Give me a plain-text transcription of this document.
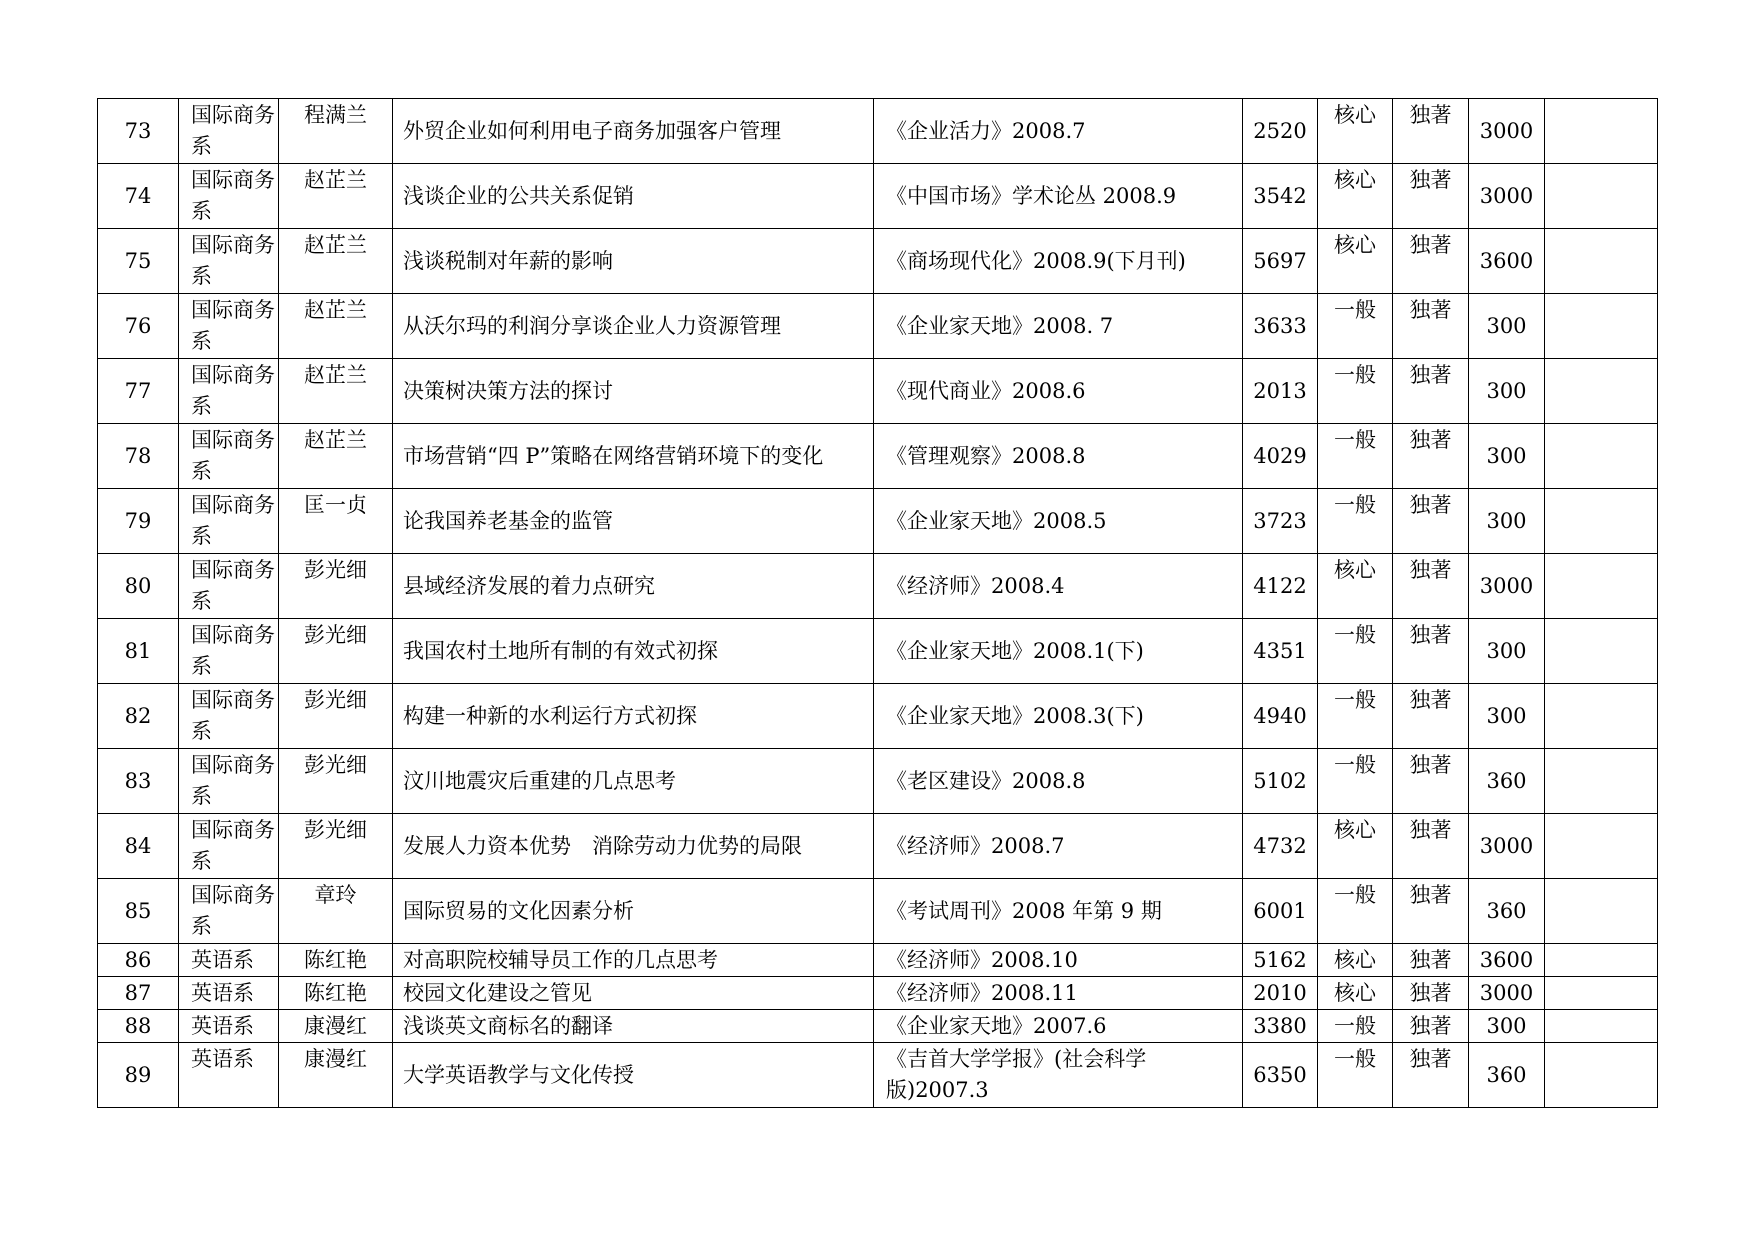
73	国际商务系	程满兰	外贸企业如何利用电子商务加强客户管理	《企业活力》2008.7	2520	核心	独著	3000	

74	国际商务系	赵芷兰	浅谈企业的公共关系促销	《中国市场》学术论丛 2008.9	3542	核心	独著	3000	

75	国际商务系	赵芷兰	浅谈税制对年薪的影响	《商场现代化》2008.9(下月刊)	5697	核心	独著	3600	

76	国际商务系	赵芷兰	从沃尔玛的利润分享谈企业人力资源管理	《企业家天地》2008. 7	3633	一般	独著	300	

77	国际商务系	赵芷兰	决策树决策方法的探讨	《现代商业》2008.6	2013	一般	独著	300	

78	国际商务系	赵芷兰	市场营销“四 P”策略在网络营销环境下的变化	《管理观察》2008.8	4029	一般	独著	300	

79	国际商务系	匡一贞	论我国养老基金的监管	《企业家天地》2008.5	3723	一般	独著	300	

80	国际商务系	彭光细	县域经济发展的着力点研究	《经济师》2008.4	4122	核心	独著	3000	

81	国际商务系	彭光细	我国农村土地所有制的有效式初探	《企业家天地》2008.1(下)	4351	一般	独著	300	

82	国际商务系	彭光细	构建一种新的水利运行方式初探	《企业家天地》2008.3(下)	4940	一般	独著	300	

83	国际商务系	彭光细	汶川地震灾后重建的几点思考	《老区建设》2008.8	5102	一般	独著	360	

84	国际商务系	彭光细	发展人力资本优势　消除劳动力优势的局限	《经济师》2008.7	4732	核心	独著	3000	

85	国际商务系	章玲	国际贸易的文化因素分析	《考试周刊》2008 年第 9 期	6001	一般	独著	360	

86	英语系	陈红艳	对高职院校辅导员工作的几点思考	《经济师》2008.10	5162	核心	独著	3600	

87	英语系	陈红艳	校园文化建设之管见	《经济师》2008.11	2010	核心	独著	3000	

88	英语系	康漫红	浅谈英文商标名的翻译	《企业家天地》2007.6	3380	一般	独著	300	

89	英语系	康漫红	大学英语教学与文化传授	《吉首大学学报》(社会科学版)2007.3	6350	一般	独著	360	
